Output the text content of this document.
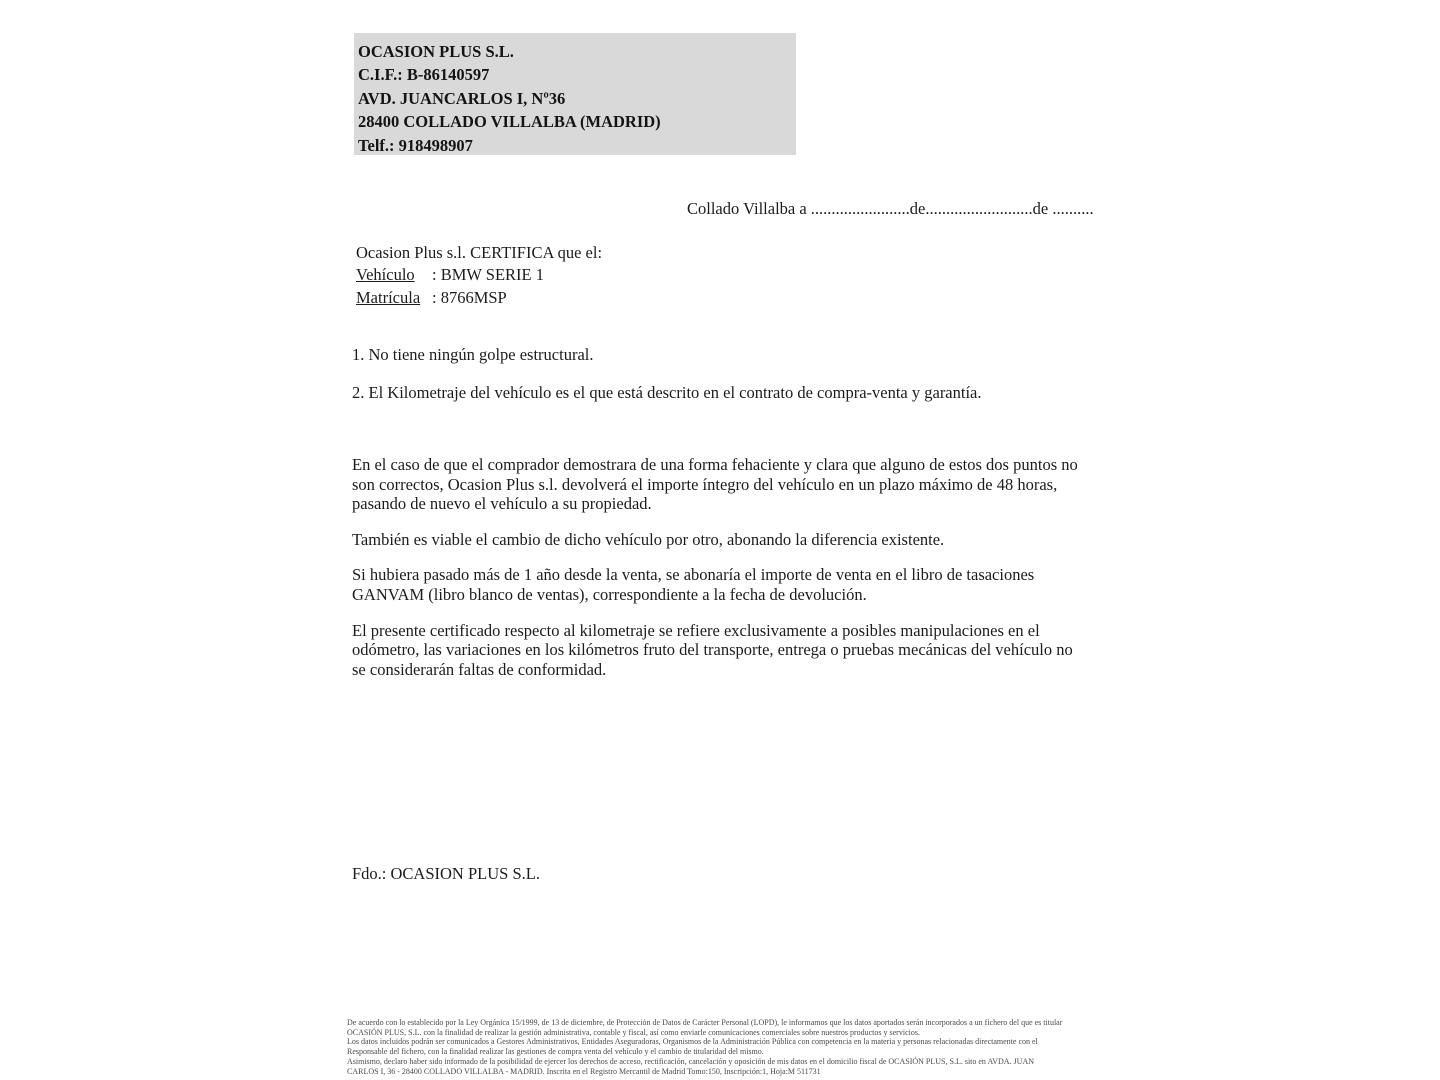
OCASION PLUS S.L.
C.I.F.: B-86140597
AVD. JUANCARLOS I, Nº36
28400 COLLADO VILLALBA (MADRID)
Telf.: 918498907
Collado Villalba a ........................de..........................de ..........
Ocasion Plus s.l. CERTIFICA que el:
Vehículo : BMW SERIE 1
Matrícula : 8766MSP
1. No tiene ningún golpe estructural.
2. El Kilometraje del vehículo es el que está descrito en el contrato de compra-venta y garantía.

En el caso de que el comprador demostrara de una forma fehaciente y clara que alguno de estos dos puntos no son correctos, Ocasion Plus s.l. devolverá el importe íntegro del vehículo en un plazo máximo de 48 horas, pasando de nuevo el vehículo a su propiedad.

También es viable el cambio de dicho vehículo por otro, abonando la diferencia existente.

Si hubiera pasado más de 1 año desde la venta, se abonaría el importe de venta en el libro de tasaciones GANVAM (libro blanco de ventas), correspondiente a la fecha de devolución.

El presente certificado respecto al kilometraje se refiere exclusivamente a posibles manipulaciones en el odómetro, las variaciones en los kilómetros fruto del transporte, entrega o pruebas mecánicas del vehículo no se considerarán faltas de conformidad.

Fdo.: OCASION PLUS S.L.
De acuerdo con lo establecido por la Ley Orgánica 15/1999, de 13 de diciembre, de Protección de Datos de Carácter Personal (LOPD), le informamos que los datos aportados serán incorporados a un fichero del que es titular
OCASIÓN PLUS, S.L. con la finalidad de realizar la gestión administrativa, contable y fiscal, así como enviarle comunicaciones comerciales sobre nuestros productos y servicios.
Los datos incluidos podrán ser comunicados a Gestores Administrativos, Entidades Aseguradoras, Organismos de la Administración Pública con competencia en la materia y personas relacionadas directamente con el
Responsable del fichero, con la finalidad realizar las gestiones de compra venta del vehículo y el cambio de titularidad del mismo.
Asimismo, declaro haber sido informado de la posibilidad de ejercer los derechos de acceso, rectificación, cancelación y oposición de mis datos en el domicilio fiscal de OCASIÓN PLUS, S.L. sito en AVDA. JUAN
CARLOS I, 36 - 28400 COLLADO VILLALBA - MADRID. Inscrita en el Registro Mercantil de Madrid Tomo:150, Inscripción:1, Hoja:M 511731
